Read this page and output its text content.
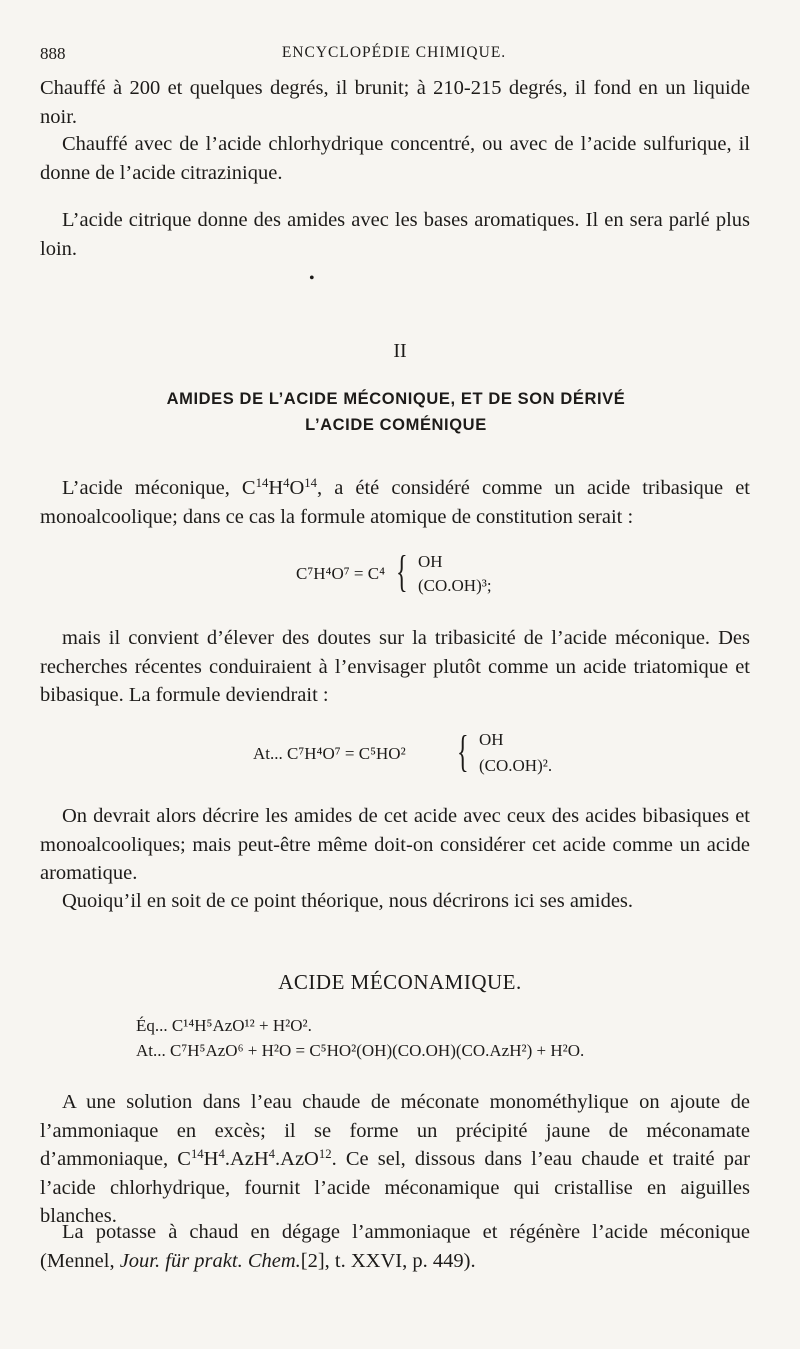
888	ENCYCLOPÉDIE CHIMIQUE.
Chauffé à 200 et quelques degrés, il brunit; à 210-215 degrés, il fond en un liquide noir.
Chauffé avec de l’acide chlorhydrique concentré, ou avec de l’acide sulfurique, il donne de l’acide citrazinique.
L’acide citrique donne des amides avec les bases aromatiques. Il en sera parlé plus loin.
•
II
AMIDES DE L’ACIDE MÉCONIQUE, ET DE SON DÉRIVÉ
L’ACIDE COMÉNIQUE
L’acide méconique, $C^{14}H^4O^{14}$, a été considéré comme un acide tribasique et monoalcoolique; dans ce cas la formule atomique de constitution serait :
C⁷H⁴O⁷ = C⁴ { OH
(CO.OH)³;
mais il convient d’élever des doutes sur la tribasicité de l’acide méconique. Des recherches récentes conduiraient à l’envisager plutôt comme un acide triatomique et bibasique. La formule deviendrait :
At... C⁷H⁴O⁷ = C⁵HO² { OH
(CO.OH)².
On devrait alors décrire les amides de cet acide avec ceux des acides bibasiques et monoalcooliques; mais peut-être même doit-on considérer cet acide comme un acide aromatique.
Quoiqu’il en soit de ce point théorique, nous décrirons ici ses amides.
ACIDE MÉCONAMIQUE.
Éq... C¹⁴H⁵AzO¹² + H²O².
At... C⁷H⁵AzO⁶ + H²O = C⁵HO²(OH)(CO.OH)(CO.AzH²) + H²O.
A une solution dans l’eau chaude de méconate monométhylique on ajoute de l’ammoniaque en excès; il se forme un précipité jaune de méconamate d’ammoniaque, $C^{14}H^4.AzH^4.AzO^{12}$. Ce sel, dissous dans l’eau chaude et traité par l’acide chlorhydrique, fournit l’acide méconamique qui cristallise en aiguilles blanches.
La potasse à chaud en dégage l’ammoniaque et régénère l’acide méconique (Mennel, Jour. für prakt. Chem.[2], t. XXVI, p. 449).
